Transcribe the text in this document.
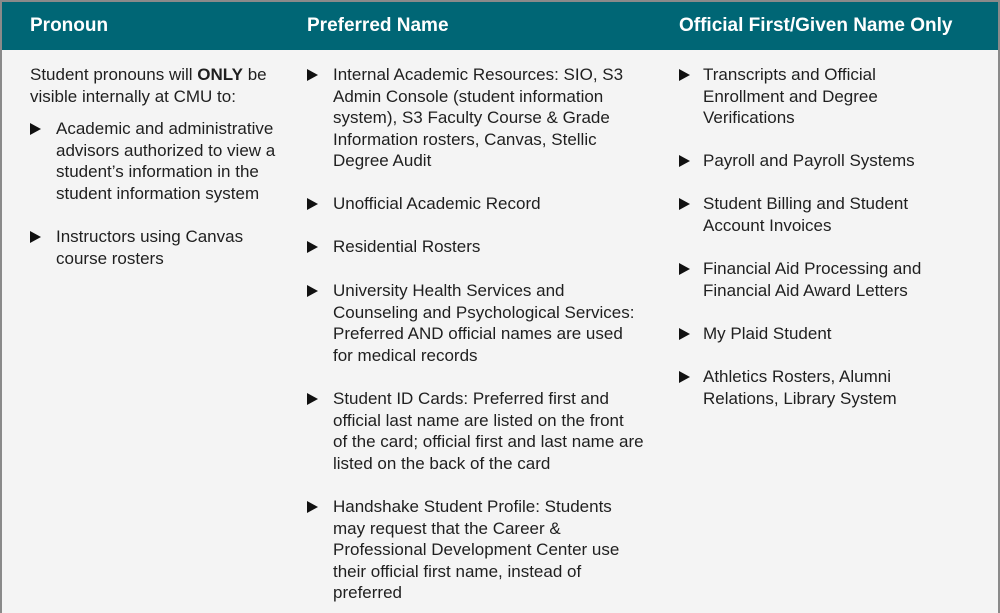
Pronoun	Preferred Name	Official First/Given Name Only

Student pronouns will ONLY be

visible internally at CMU to:

Academic and administrative

advisors authorized to view a

student’s information in the

student information system

Instructors using Canvas

course rosters

Internal Academic Resources: SIO, S3

Admin Console (student information

system), S3 Faculty Course & Grade

Information rosters, Canvas, Stellic

Degree Audit

Unofficial Academic Record

Residential Rosters

University Health Services and

Counseling and Psychological Services:

Preferred AND official names are used

for medical records

Student ID Cards: Preferred first and

official last name are listed on the front

of the card; official first and last name are

listed on the back of the card

Handshake Student Profile: Students

may request that the Career &

Professional Development Center use

their official first name, instead of

preferred

Transcripts and Official

Enrollment and Degree

Verifications

Payroll and Payroll Systems

Student Billing and Student

Account Invoices

Financial Aid Processing and

Financial Aid Award Letters

My Plaid Student

Athletics Rosters, Alumni

Relations, Library System
